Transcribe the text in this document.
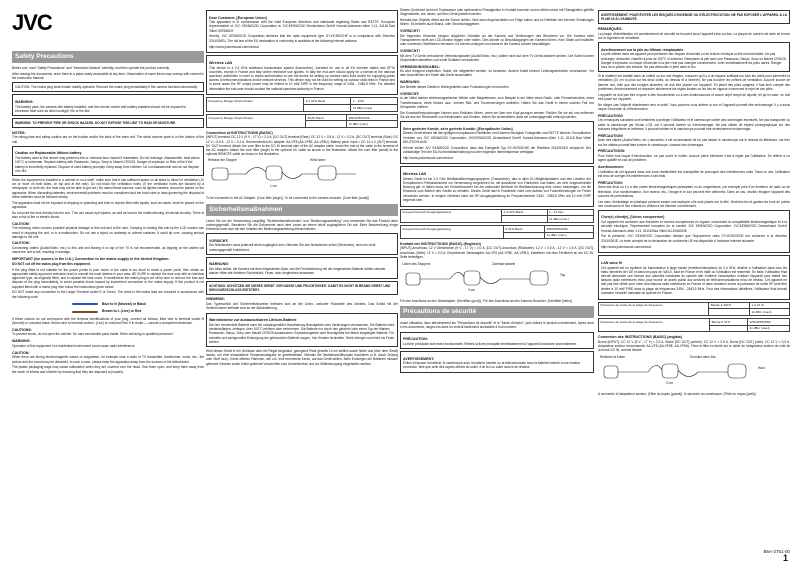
JVC
Safety Precautions

Before use, read "Safety Precautions" and "Instruction Manual" carefully, and then operate the product correctly.

After reading the documents, store them in a place easily accessible at any time. Observation of some items may overlap with content in the Instruction Manual.

CAUTION: The mains plug shall remain readily operable. Remove the mains plug immediately if the camera functions abnormally.
WARNING:
The battery pack, the camera with battery installed, and the remote control with battery installed should not be exposed to excessive heat such as direct sunlight, fire or the like.
WARNING: TO PREVENT FIRE OR SHOCK HAZARD, DO NOT EXPOSE THIS UNIT TO RAIN OR MOISTURE.
NOTES:

The rating plate and safety caution are on the bottom and/or the back of the main unit. The serial number plate is on the bottom of the unit.

Caution on Replaceable lithium battery
The battery used in this device may present a fire or chemical burn hazard if mistreated. Do not recharge, disassemble, heat above 100°C or incinerate. Replace battery with Panasonic, Sanyo, Sony or Maxell CR2025. Danger of explosion or Risk of fire if the battery is incorrectly replaced. Dispose of used battery promptly. Keep away from children. Do not disassemble and do not dispose of in fire.

When the equipment is installed in a cabinet or on a shelf, make sure that it has sufficient space on all sides to allow for ventilation (10 cm or more on both sides, on top and at the rear). Do not block the ventilation holes. (If the ventilation holes are blocked by a newspaper, or cloth etc. the heat may not be able to get out.) No naked flame sources, such as lighted candles, should be placed on the apparatus. When discarding batteries, environmental problems must be considered and the local rules or laws governing the disposal of these batteries must be followed strictly.

The apparatus shall not be exposed to dripping or splashing and that no objects filled with liquids, such as vases, shall be placed on the apparatus.

Do not point the lens directly into the sun. This can cause eye injuries, as well as lead to the malfunctioning of internal circuitry. There is also a risk of fire or electric shock.

CAUTION!

The following notes concern possible physical damage to this unit and to the user. Carrying or holding this unit by the LCD monitor can result in dropping the unit, or in a malfunction. Do not use a tripod on unsteady or unlevel surfaces. It could tip over, causing serious damage to the unit.

CAUTION!

Connecting cables (Audio/Video, etc.) to this unit and leaving it on top of the TV is not recommended, as tripping on the cables will cause the unit to fall, resulting in damage.

IMPORTANT (for owners in the U.K.) Connection to the mains supply in the United Kingdom.

DO NOT cut off the mains plug from this equipment.

If the plug fitted is not suitable for the power points in your home or the cable is too short to reach a power point, then obtain an appropriate safety approved extension lead or consult the local dealers in your area. BE SURE to replace the fuse only with an identical approved type, as originally fitted, and to replace the fuse cover. If nonetheless the mains plug is cut off be sure to remove the fuse and dispose of the plug immediately, to avoid possible shock hazard by inadvertent connection to the mains supply. If this product is not supplied fitted with a mains plug then follow the instructions given below:

DO NOT make any connection to the Larger Terminal coded E or Green. The wires in the mains lead are coloured in accordance with the following code:

Blue to N (Neutral) or Black
Brown to L (Live) or Red

If these colours do not correspond with the terminal identifications of your plug, connect as follows: Blue wire to terminal coded N (Neutral) or coloured black. Brown wire to terminal coded L (Live) or coloured Red. If in doubt — consult a competent electrician.

CAUTIONS:

To prevent shock, do not open the cabinet. No user serviceable parts inside. Refer servicing to qualified personnel.

WARNING:

Operation of this equipment in a residential environment could cause radio interference.

CAUTION:

When there are strong electromagnetic waves or magnetism, for example near a radio or TV transmitter, transformer, motor, etc., the picture and the sound may be disturbed. In such a case, please keep the apparatus away from the sources of the disturbance.

The plastic packaging bags may cause suffocation when they are covered over the head. Tear them open, and keep them away from the reach of infants and children by ensuring that they are disposed of properly.

Dear Customer, [European Union]

This apparatus is in conformance with the valid European directives and standards regarding Radio and R&TTE. European representative of JVC KENWOOD Corporation is: JVCKENWOOD Deutschland GmbH Konrad-Adenauer-Allee 1-11, 61118 Bad Vilbel GERMANY

Hereby, JVC KENWOOD Corporation declares that the radio equipment type GY-HC900CHE is in compliance with Directive 2014/53/EU. The full text of the EU declaration of conformity is available at the following internet address:

http://www.jvckenwood.com/ce/doc/

Wireless LAN

This device is a 2.4 GHz wideband transmission system (transceiver), intended for use in all EU member states and EFTA countries, except in France and Italy where restrictive use applies. In Italy the end-user should apply for a license at the national spectrum authorities in order to obtain authorization to use the device for setting up outdoor radio links and/or for supplying public access to telecommunications and/or network services. This device may not be used for setting up outdoor radio links in France and in some areas the RF output power may be limited to 10 mW EIRP in the frequency range of 2454 - 2483.5 MHz. For detailed information the end-user should contact the national spectrum authority in France.

Frequency Range Output Power	2.4 GHz Band	1 - 13ch
		11 dBm (max)
Frequency Range Output Power	5GHz Band	W52/W53/W56
		11 dBm (max)
Connection of INSTRUCTIONS (BASIC)

[INPUT] terminal: DC 12 V (9 V - 17 V) = 2.0 A. [DC OUT] terminal (Rear): DC 12 V = 0.5 A - 12 V = 0.2 A. [DC OUT] terminal (Side): DC 12 V = 0.5 A - 12 V = 0.2 A. Recommended AC adapter: AA-VF8 (AA-VF8E, AA-VF8U). Battery pack: Input = DC 14.4 V. [ALT] terminal, DC OUT terminal. Attach the core filter to the DC IN terminal side of the AC adapter cable. Insert the end of the cable to the terminal of the AC adapter. Attach the core filter (large) to the optional AC cable as shown in the illustration. Attach the core filter (small) to the optional REMOTE cable as shown in the illustration.

Release the Stopper
1 cm
Wind twice

To be connected to the AC Adapter. (Core filter (large)). To be connected to the camera recorder. (Core filter (small))

Sicherheitsmaßnahmen

Lesen Sie vor der Verwendung sorgfältig "Sicherheitsmaßnahmen" und "Bedienungsanleitung" und verwenden Sie das Produkt dann ordnungsgemäß. Bewahren Sie die Dokumente nach dem Lesen an einem leicht zugänglichen Ort auf. Einer Beschreibung einige Elemente kann sich mit den Inhalten der Bedienungsanleitung überschneiden.

VORSICHT:
Der Netzstecker muss jederzeit leicht zugänglich sein. Nehmen Sie den Netzstecker sofort (Stromnetz), wenn es nicht ordnungsgemäß funktioniert.
WARNUNG:
Der Akku selbst, die Kamera mit dem eingesetzten Akku und die Fernbedienung mit der eingesetzten Batterie dürfen niemals starker Hitze wie direktem Sonnenlicht, Feuer, oder dergleichen aussetzen.
ACHTUNG: SCHÜTZEN SIE DIESES GERÄT VOR NÄSSE UND FEUCHTIGKEIT. DAMIT ES NICHT IN BRAND GERÄT UND KEIN KURZSCHLUSS ENTSTEHT.
HINWEISE:

Das Typenschild und Sicherheitshinweise befinden sich an der Unter- und/oder Rückseite des Gerätes. Das Schild mit der Seriennummer befindet sich an der Akkuhalterung.

Warnhinweise zur austauschbaren Lithium-Batterie
Die hier verwendete Batterie kann bei unsachgemäßer Handhabung Brandgefahr oder Verätzungen verursachen. Die Batterie nicht wiederaufladen, zerlegen, über 100°C erhitzen oder verbrennen. Die Batterie nur durch den gleichen oder einen Typ der Marken Panasonic, Sanyo, Sony oder Maxell CR2025 austauschen. Explosionsgefahr oder Brandgefahr bei falsch eingelegter Batterie. Für schnelle und sachgemäße Entsorgung der gebrauchten Batterie sorgen. Von Kindern fernhalten. Nicht zerlegen und nicht ins Feuer werfen.

Wird dieses Gerät in ein Gehäuse oder ein Regal eingebaut, genügend Platz (jeweils 10 cm seitlich sowie hinter und über dem Gerät) lassen, um eine einwandfreie Temperaturabgabe zu gewährleisten. Niemals die Ventilationsöffnungen blockieren (z.B. durch Zeitung oder Stoff usw.). Keine offenen Flammen, wie z.B. eine brennende Kerze, auf das Gerät stellen. Beim Entsorgen der Batterien müssen geltende Gesetze sowie örtlich geltende Vorschriften zum Umweltschutz und zur Müllentsorgung eingehalten werden.

Dieses Gerät darf nicht mit Tropfwasser oder spritzendem Flüssigkeiten in Kontakt kommen und es dürfen keine mit Flüssigkeiten gefüllte Gegenstände, wie Vasen, auf dem Gerät platziert werden.

Niemals das Objektiv direkt auf die Sonne richten. Dies kann Augenschäden zur Folge haben und zu Defekten der internen Schaltungen führen. Es besteht auch Brand- oder Stromschlaggefahr.

VORSICHT!

Die folgenden Hinweise beugen möglichen Schäden an der Kamera und Verletzungen des Benutzers vor. Die Kamera beim Transportieren nicht am LCD-Monitor tragen oder halten. Dies könnte zu Beschädigungen der Kamera führen. Kein Stativ auf instabilen oder unebenen Oberflächen benutzen. Es könnte umkippen und dadurch die Kamera schwer beschädigen.

VORSICHT!

Mit dem TV-Gerät verbundene Verbindungskabel (Audio/Video, etc.) sollten nicht auf dem TV-Gerät platziert werden. Die Kabel können Stolperfallen darstellen und somit Schäden verursachen.

VERBINDUNGSKABEL:

Es wird dringend empfohlen, Kabel, die mitgeliefert werden, zu benutzen. Andere Kabel können Leistungseinbußen verursachen. Vor dem Anschließen der Kabel das Gerät ausschalten.

WARNUNG:

Der Betrieb dieses Geräts in Wohngebieten kann Funkstörungen hervorrufen.

VORSICHT:

In der Nähe starker elektromagnetischer Wellen oder Magnetismus, zum Beispiel in der Nähe eines Radio- oder Fernsehsenders, eines Transformators, eines Motors usw., können Bild- und Tonverzerrungen auftreten. Halten Sie das Gerät in einem solchen Fall von Störquellen entfernt.

Die Kunststoffverpackungen können zum Ersticken führen, wenn sie über den Kopf gezogen werden. Reißen Sie sie auf und entfernen Sie sie aus der Reichweite von Kleinkindern und Kindern, indem Sie sicherstellen, dass sie ordnungsgemäß entsorgt werden.

Sehr geehrter Kunde, sehr geehrte Kundin, [Europäische Union]

Dieses Gerät stimmt mit den gültigen europäischen Richtlinien und Normen bezüglich Funkgeräte und R&TTE überein. Europäischer Vertreter von JVC KENWOOD Corporation: JVCKENWOOD Deutschland GmbH Konrad-Adenauer-Allee 1-11, 61118 Bad Vilbel DEUTSCHLAND

Hiermit erklärt JVC KENWOOD Corporation, dass das Funkgerät Typ GY-HC900CHE der Richtlinie 2014/53/EU entspricht. Der vollständige Text der EU-Konformitätserklärung ist unter folgender Internetadresse verfügbar:

http://www.jvckenwood.com/ce/doc/

Wireless LAN

Dieses Gerät ist ein 2,4 GHz Breitbandübertragungssystem (Transceiver), das in allen EU-Mitgliedsstaaten und den Ländern der Europäischen Freihandelszone zur Verwendung vorgesehen ist, mit Ausnahme von Frankreich und Italien, wo eine eingeschränkte Nutzung gilt. In Italien muss der Endverbraucher bei der nationalen Behörde für Breitbandnutzung eine Lizenz beantragen, um die Erlaubnis zum Betrieb des Geräts zu erhalten. Dieses Gerät darf in Frankreich nicht zum Aufbau von Funkverbindungen im Freien verwendet werden. In einigen Gebieten kann die RF-Ausgangsleistung im Frequenzbereich 2454 - 2483,5 MHz auf 10 mW EIRP begrenzt sein.

Frequenzbereich Ausgangsleistung	2,4 GHz-Band	1 - 13 Kan.
		11 dBm (max.)
Frequenzbereich Ausgangsleistung	5 GHz-Band	W52/W53/W56
		11 dBm (max.)
Kontakt der INSTRUCTIONS (BASIC) (Englisch)

[INPUT]-Anschluss: 12 V Gleichstrom (9 V - 17 V) = 2,0 A. [DC OUT]-Anschluss (Rückseite): 12 V = 0,5 A - 12 V = 1,5 A. [DC OUT]-Anschluss (Seite): 12 V = 0,5 A. Empfohlener Netzadapter: AA-VF8 (AA-VF8E, AA-VF8U). Kabelkern mit dem Ferritkern an der DC-IN-Seite befestigen.

Lösen des Stoppers
3 cm
Zweimal wickeln
Top

Für den Anschluss an den Netzadapter. (Kernfilter (groß)). Für den Anschluss an den Kamera-Recorder. (Kernfilter (klein))

Précautions de sécurité

Avant utilisation, lisez attentivement les "Précautions de sécurité" et le "Mode d'emploi", puis utilisez le produit correctement. Après avoir lu les documents, rangez-les dans un endroit facilement accessible à tout moment.

PRÉCAUTION:
La fiche principale doit rester fonctionnelle. Retirez la fiche principale immédiatement si l'appareil fonctionne anormalement.
AVERTISSEMENT:
Évitez d'exposer la batterie, le caméscope avec la batterie insérée ou la télécommande avec la batterie insérée à une chaleur excessive, telle que celle des rayons directs du soleil, d'un feu ou autre source de chaleur.
AVERTISSEMENT: POUR ÉVITER LES RISQUES D'INCENDIE OU D'ÉLECTROCUTION, NE PAS EXPOSER L'APPAREIL À LA PLUIE NI À L'HUMIDITÉ.
REMARQUES:

La plaque d'identification et l'avertissement de sécurité se trouvent sous l'appareil et/ou au dos. La plaque de numéro de série se trouve sur le logement de la batterie.

Avertissement sur la pile au lithium remplaçable
La pile utilisée dans cet appareil peut présenter des risques d'incendie ou de brûlure chimique si elle est mal traitée. Ne pas recharger, démonter, chauffer à plus de 100°C ni incinérer. Remplacer la pile avec une Panasonic, Sanyo, Sony ou Maxell CR2025. Danger d'explosion ou risque d'incendie si la pile n'est pas changée correctement. Jeter immédiatement les piles usées. Ranger hors de la portée des enfants. Ne pas démonter ni jeter dans le feu.

Si le matériel est installé dans un coffret ou sur une étagère, s'assurer qu'il y a un espace suffisant sur tous les côtés pour permettre la ventilation (10 cm ou plus sur les deux côtés, au dessus et à l'arrière). Ne pas boucher les orifices de ventilation. Aucune source de flamme nue, telle que des bougies allumées, ne doit être placée sur l'appareil. En jetant des piles usagées, il faut tenir compte des problèmes d'environnement et respecter strictement les règles locales ou les lois en vigueur concernant le rejet de ces piles.

L'appareil ne doit pas être exposé à des écoulements ou à des éclaboussures et aucun objet rempli de liquide, tel qu'un vase, ne doit être placé sur l'appareil.

Ne dirigez pas l'objectif directement vers le soleil. Vous pourriez vous abîmer la vue et l'appareil pourrait être endommagé. Il y a aussi risque d'incendie ou d'électrocution.

PRÉCAUTION!

Les remarques suivantes sont destinées à protéger l'utilisateur et le caméscope contre des dommages éventuels. Ne pas transporter ou saisir le caméscope par l'écran LCD, car il pourrait tomber ou s'endommager. Ne pas utiliser de trépied photographique sur des surfaces irrégulières et inclinées. Il pourrait tomber et le caméscope pourrait être sérieusement endommagé.

PRÉCAUTION!

Avec des câbles (Audio/Vidéo, etc.) raccordés, il est recommandé de ne pas laisser le caméscope sur le dessus du téléviseur, car tirer sur les câbles pourrait faire tomber le caméscope, causant des dommages.

PRÉCAUTIONS:

Pour éviter tout risque d'électrocution, ne pas ouvrir le boîtier. Aucune pièce intérieure n'est à régler par l'utilisateur. Se référer à un agent qualifié en cas de problème.

Avertissement:

L'utilisation de cet appareil dans une zone résidentielle est susceptible de provoquer des interférences radio. Dans ce cas, l'utilisateur est tenu de corriger les interférences à ses frais.

PRÉCAUTION:

Dans des lieux où il y a des ondes électromagnétiques puissantes ou du magnétisme, par exemple près d'un émetteur de radio ou de télévision, d'un transformateur, d'un moteur, etc., l'image et le son peuvent être déformés. Dans ce cas, veuillez éloigner l'appareil des sources de perturbations.

Les sacs d'emballage en plastique peuvent causer une asphyxie s'ils sont placés sur la tête. Déchirez-les et gardez-les hors de portée des nourrissons et des enfants en veillant à les éliminer correctement.

Cher(e) client(e), [Union européenne]

Cet appareil est conforme aux directives et normes européennes en vigueur concernant la compatibilité électromagnétique et à la sécurité électrique. Représentant européen de la société JVC KENWOOD Corporation: JVCKENWOOD Deutschland GmbH Konrad-Adenauer-Allee 1-11, 61118 Bad Vilbel ALLEMAGNE

Par la présente, JVC KENWOOD Corporation déclare que l'équipement radio GY-HC900CHE est conforme à la directive 2014/53/UE. Le texte complet de la déclaration de conformité UE est disponible à l'adresse Internet suivante:

http://www.jvckenwood.com/ce/doc/

LAN sans fil

Cet appareil est un système de transmission à large bande (émetteur/récepteur) de 2,4 GHz, destiné à l'utilisation dans tous les états membres de l'UE et dans les pays de l'AELE, sauf en France et en Italie où l'utilisation est restreinte. En Italie, l'utilisateur final devrait demander une licence aux autorités nationales du spectre afin d'obtenir l'autorisation d'utiliser l'appareil pour établir des liaisons radio extérieures et/ou pour fournir un accès public aux services de télécommunications et/ou de réseau. Cet appareil ne doit pas être utilisé pour créer des liaisons radio extérieures en France et dans certaines zones la puissance de sortie RF peut être limitée à 10 mW PIRE dans la plage de fréquences 2454 - 2483,5 MHz. Pour des informations détaillées, l'utilisateur final devrait contacter l'autorité nationale du spectre en France.

Puissance de sortie de la plage de fréquence	Bande 2,4GHz	1 à 13 ch
		11 dBm (maxi)
Puissance de sortie de la plage de fréquence	Bande 5 GHz	W52/W53/W56
		11 dBm (maxi)
Connexion des INSTRUCTIONS (BASIC) (anglais)

Borne [INPUT]: CC 12 V (9 V - 17 V) = 2,0 A. Borne [DC OUT] (arrière): CC 12 V = 0,5 A. Borne [DC OUT] (côté): CC 12 V = 0,5 A. Adaptateur secteur recommandé: AA-VF8 (AA-VF8E, AA-VF8U). Fixez le filtre en ferrite sur le câble de l'adaptateur secteur du côté de la borne DC IN, comme illustré.

Relâcher la butée
3 cm
Enrouler deux fois
Haut

A connecter à l'adaptateur secteur. (Filtre du noyau (grand)). A raccorder au caméscope. (Filtre du noyau (petit))

B6A-2751-00
1
